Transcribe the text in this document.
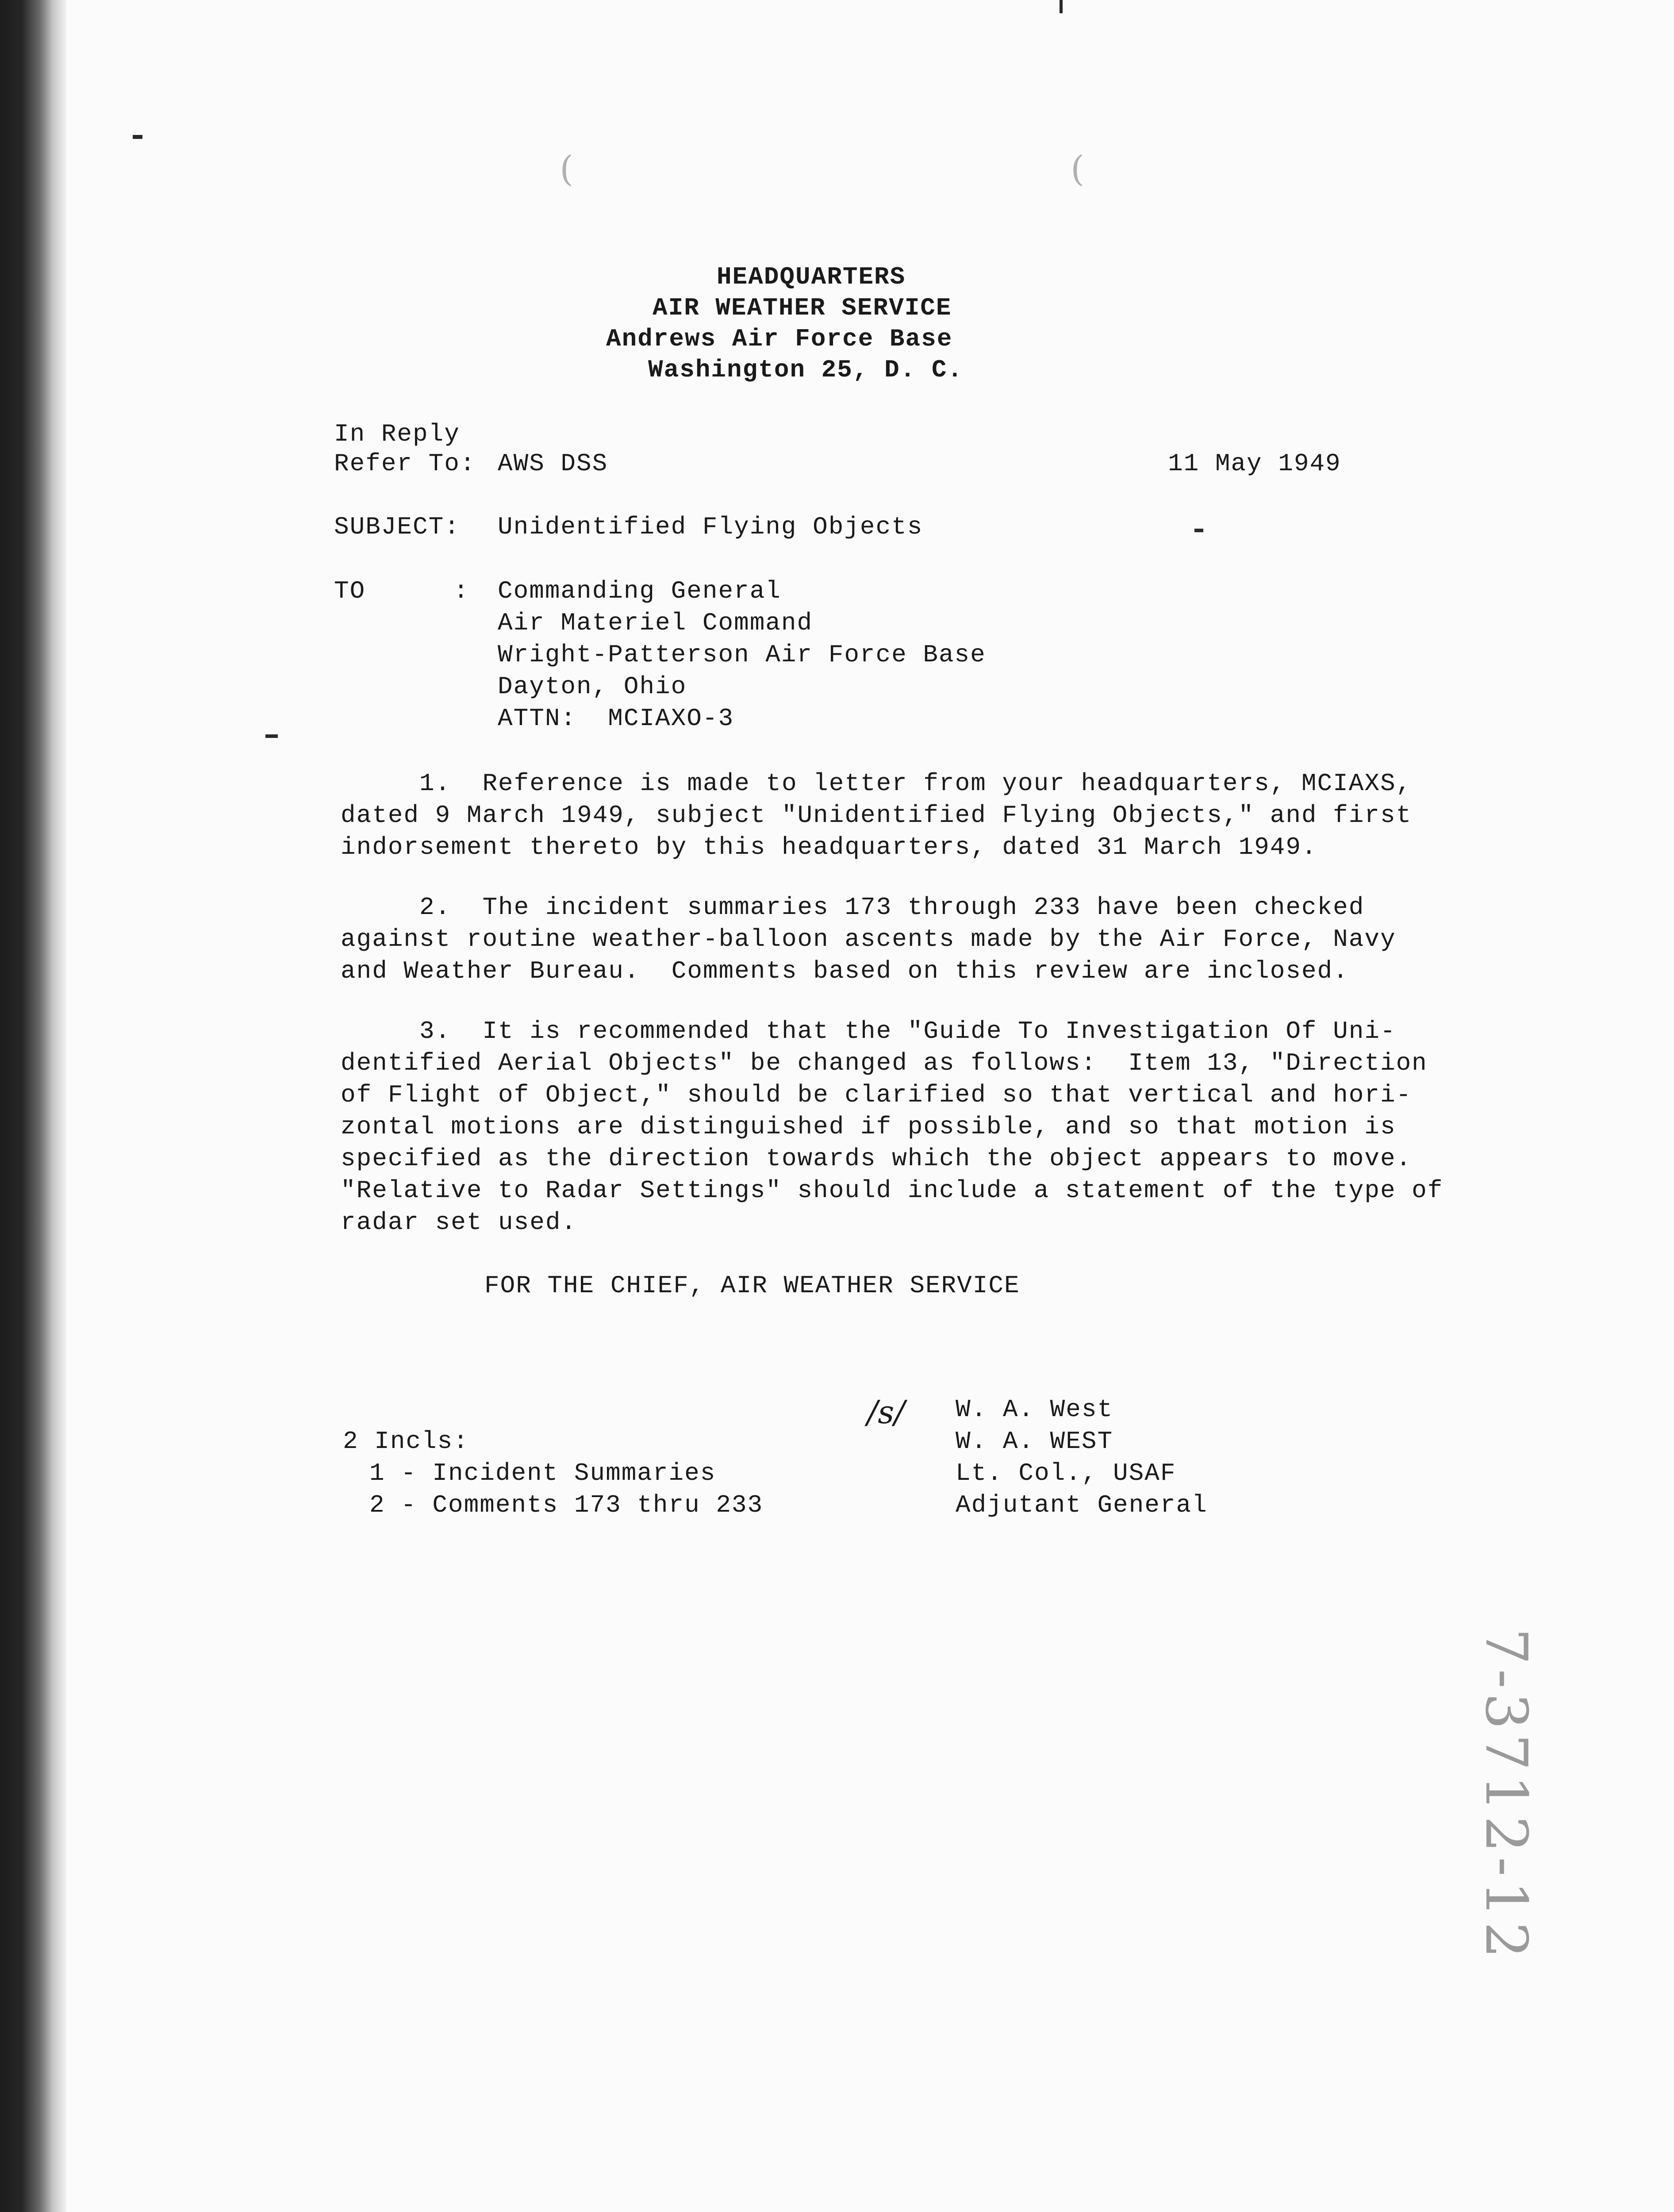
(	(
HEADQUARTERS
AIR WEATHER SERVICE
Andrews Air Force Base
Washington 25, D. C.
In Reply
Refer To: AWS DSS	11 May 1949
SUBJECT: Unidentified Flying Objects
TO	: Commanding General
Air Materiel Command
Wright-Patterson Air Force Base
Dayton, Ohio
ATTN:  MCIAXO-3
1.  Reference is made to letter from your headquarters, MCIAXS,
dated 9 March 1949, subject "Unidentified Flying Objects," and first
indorsement thereto by this headquarters, dated 31 March 1949.
2.  The incident summaries 173 through 233 have been checked
against routine weather-balloon ascents made by the Air Force, Navy
and Weather Bureau.  Comments based on this review are inclosed.
3.  It is recommended that the "Guide To Investigation Of Uni-
dentified Aerial Objects" be changed as follows:  Item 13, "Direction
of Flight of Object," should be clarified so that vertical and hori-
zontal motions are distinguished if possible, and so that motion is
specified as the direction towards which the object appears to move.
"Relative to Radar Settings" should include a statement of the type of
radar set used.
FOR THE CHIEF, AIR WEATHER SERVICE
/s/ W. A. West
W. A. WEST
Lt. Col., USAF
Adjutant General
2 Incls:
1 - Incident Summaries
2 - Comments 173 thru 233
7-3712-12
